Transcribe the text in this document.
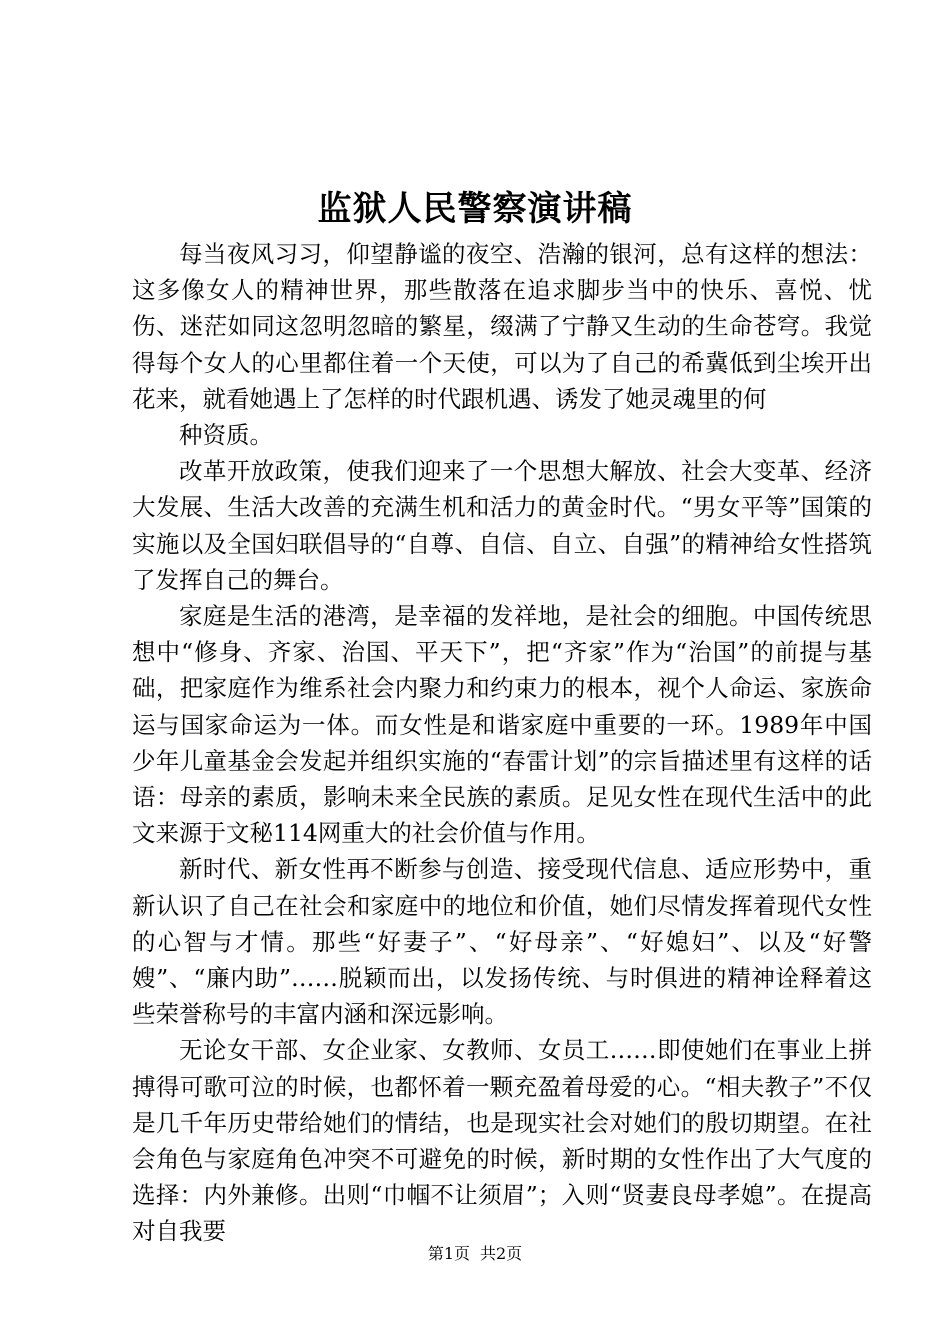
监狱人民警察演讲稿

每当夜风习习，仰望静谧的夜空、浩瀚的银河，总有这样的想法：这多像女人的精神世界，那些散落在追求脚步当中的快乐、喜悦、忧伤、迷茫如同这忽明忽暗的繁星，缀满了宁静又生动的生命苍穹。我觉得每个女人的心里都住着一个天使，可以为了自己的希冀低到尘埃开出花来，就看她遇上了怎样的时代跟机遇、诱发了她灵魂里的何

种资质。

改革开放政策，使我们迎来了一个思想大解放、社会大变革、经济大发展、生活大改善的充满生机和活力的黄金时代。“男女平等”国策的实施以及全国妇联倡导的“自尊、自信、自立、自强”的精神给女性搭筑了发挥自己的舞台。

家庭是生活的港湾，是幸福的发祥地，是社会的细胞。中国传统思想中“修身、齐家、治国、平天下”，把“齐家”作为“治国”的前提与基础，把家庭作为维系社会内聚力和约束力的根本，视个人命运、家族命运与国家命运为一体。而女性是和谐家庭中重要的一环。1989年中国少年儿童基金会发起并组织实施的“春雷计划”的宗旨描述里有这样的话语：母亲的素质，影响未来全民族的素质。足见女性在现代生活中的此文来源于文秘114网重大的社会价值与作用。

新时代、新女性再不断参与创造、接受现代信息、适应形势中，重新认识了自己在社会和家庭中的地位和价值，她们尽情发挥着现代女性的心智与才情。那些“好妻子”、“好母亲”、“好媳妇”、以及“好警嫂”、“廉内助”……脱颖而出，以发扬传统、与时俱进的精神诠释着这些荣誉称号的丰富内涵和深远影响。

无论女干部、女企业家、女教师、女员工……即使她们在事业上拼搏得可歌可泣的时候，也都怀着一颗充盈着母爱的心。“相夫教子”不仅是几千年历史带给她们的情结，也是现实社会对她们的殷切期望。在社会角色与家庭角色冲突不可避免的时候，新时期的女性作出了大气度的选择：内外兼修。出则“巾帼不让须眉”；入则“贤妻良母孝媳”。在提高对自我要

第1页 共2页
